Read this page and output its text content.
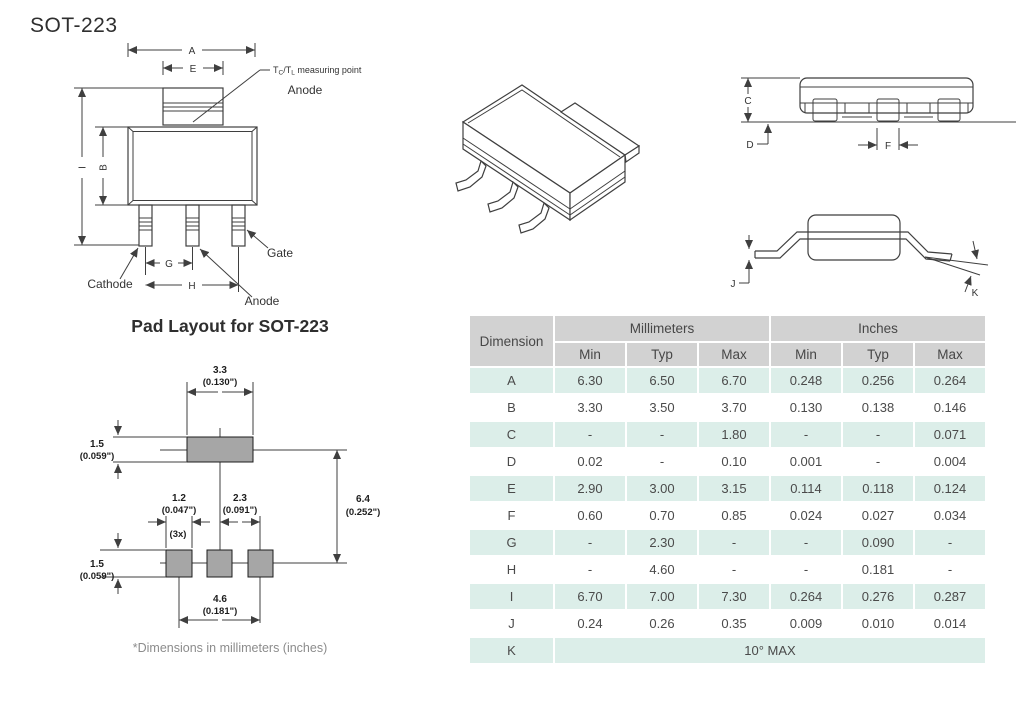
SOT-223
A
E
I B
G
H
Cathode
Gate
Anode
TC/TL measuring point
Anode
C
D	F
J
K
Pad Layout for SOT-223
3.3
(0.130")
1.5
(0.059")
1.2
(0.047")
(3x)
2.3
(0.091")
6.4
(0.252")
1.5
(0.059")
4.6
(0.181")
*Dimensions in millimeters (inches)
Dimension	Millimeters			Inches		
	Min	Typ	Max	Min	Typ	Max
A	6.30	6.50	6.70	0.248	0.256	0.264
B	3.30	3.50	3.70	0.130	0.138	0.146
C	-	-	1.80	-	-	0.071
D	0.02	-	0.10	0.001	-	0.004
E	2.90	3.00	3.15	0.114	0.118	0.124
F	0.60	0.70	0.85	0.024	0.027	0.034
G	-	2.30	-	-	0.090	-
H	-	4.60	-	-	0.181	-
I	6.70	7.00	7.30	0.264	0.276	0.287
J	0.24	0.26	0.35	0.009	0.010	0.014
K	10° MAX					
